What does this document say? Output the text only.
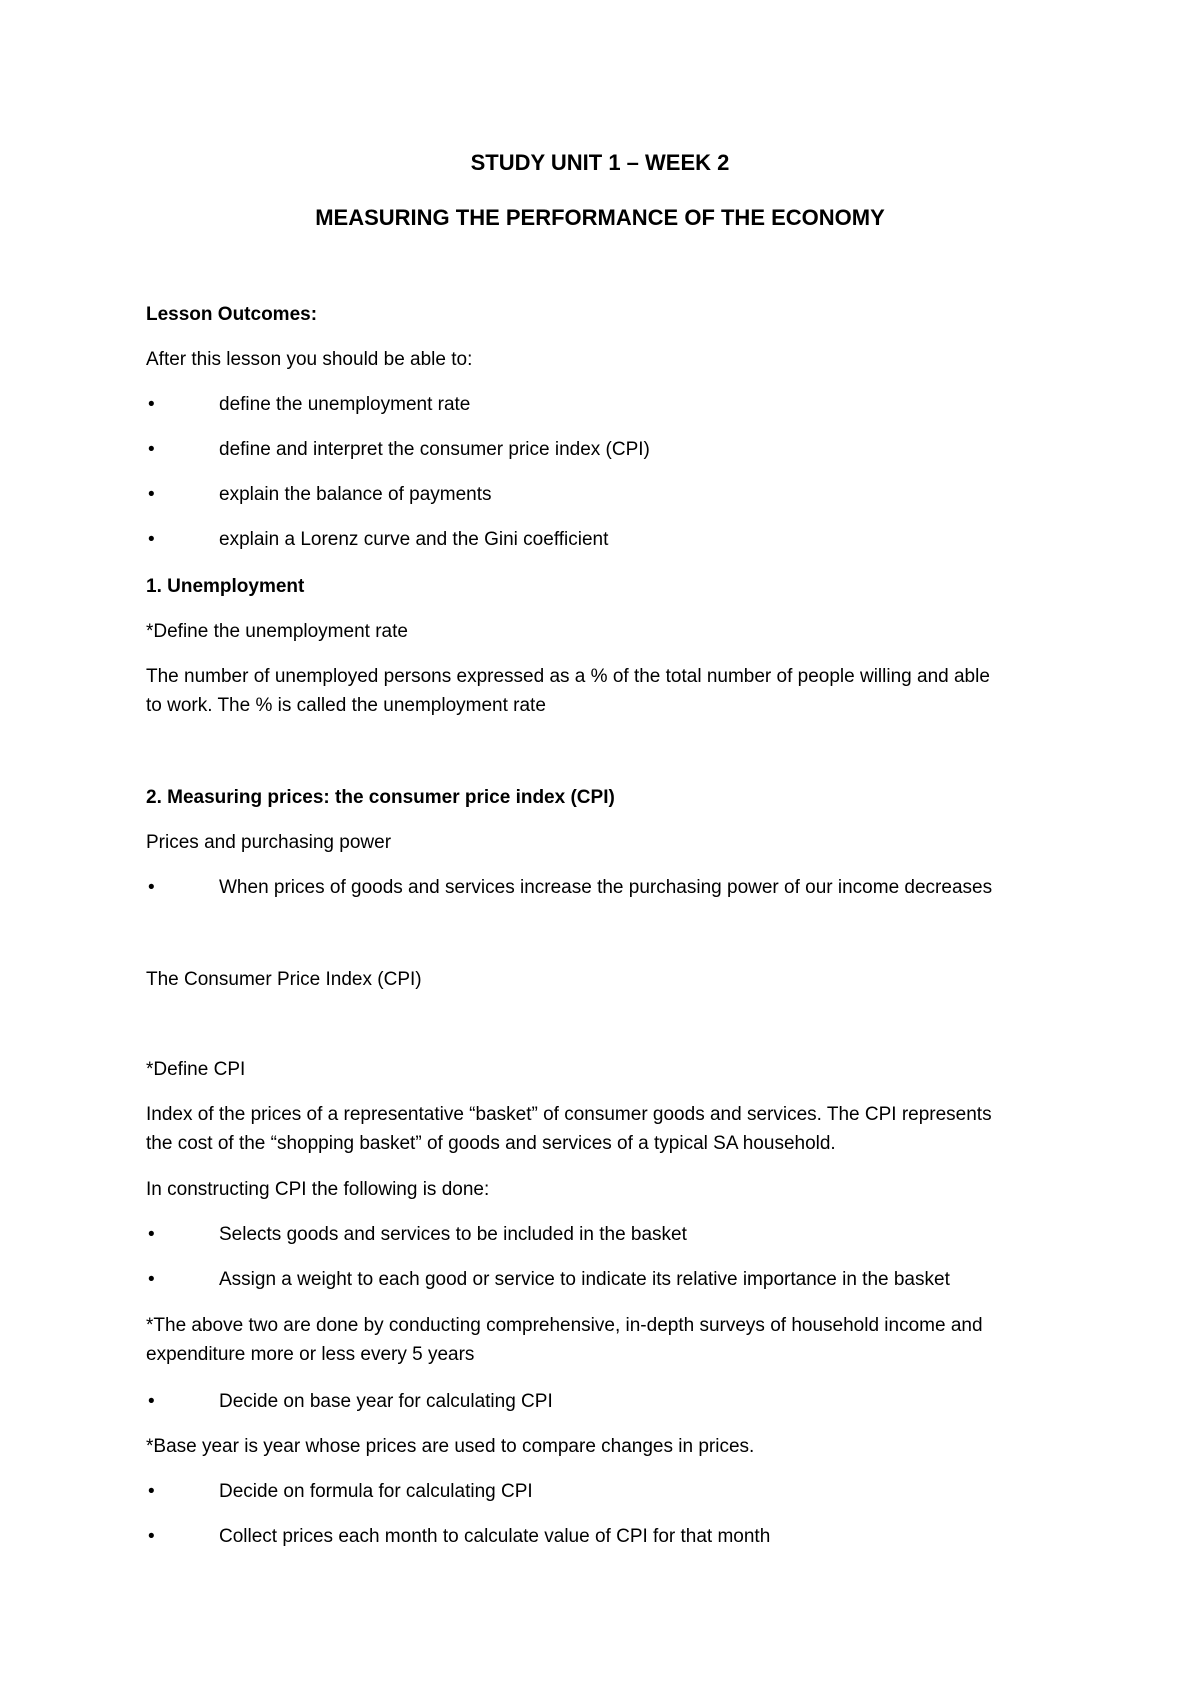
STUDY UNIT 1 – WEEK 2

MEASURING THE PERFORMANCE OF THE ECONOMY

Lesson Outcomes:

After this lesson you should be able to:

•	define the unemployment rate

•	define and interpret the consumer price index (CPI)

•	explain the balance of payments

•	explain a Lorenz curve and the Gini coefficient

1. Unemployment

*Define the unemployment rate

The number of unemployed persons expressed as a % of the total number of people willing and able

to work. The % is called the unemployment rate

2. Measuring prices: the consumer price index (CPI)

Prices and purchasing power

•	When prices of goods and services increase the purchasing power of our income decreases

The Consumer Price Index (CPI)

*Define CPI

Index of the prices of a representative “basket” of consumer goods and services. The CPI represents

the cost of the “shopping basket” of goods and services of a typical SA household.

In constructing CPI the following is done:

•	Selects goods and services to be included in the basket

•	Assign a weight to each good or service to indicate its relative importance in the basket

*The above two are done by conducting comprehensive, in-depth surveys of household income and

expenditure more or less every 5 years

•	Decide on base year for calculating CPI

*Base year is year whose prices are used to compare changes in prices.

•	Decide on formula for calculating CPI

•	Collect prices each month to calculate value of CPI for that month
